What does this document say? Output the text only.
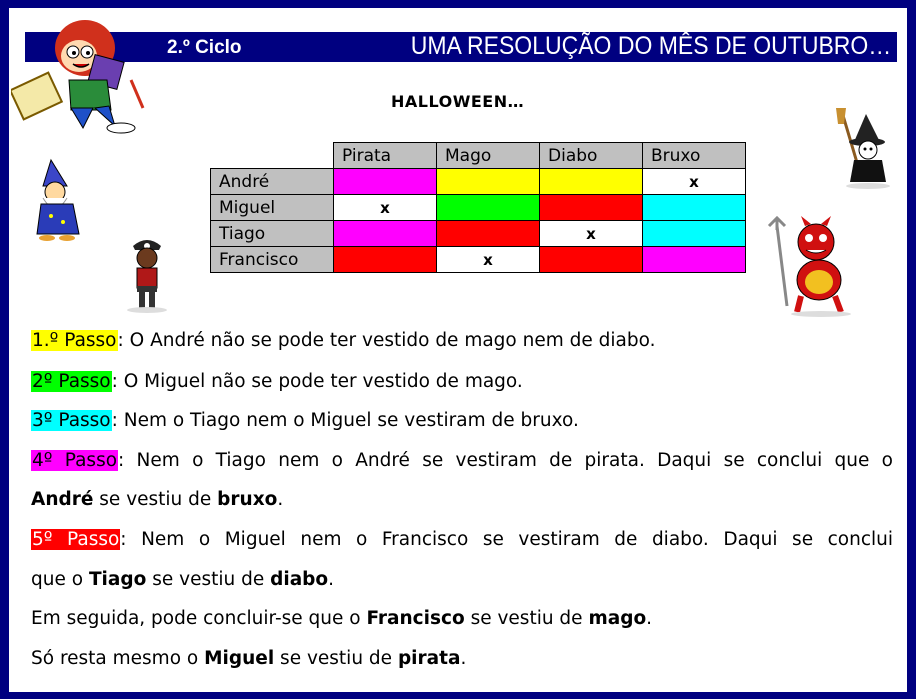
2.º Ciclo	UMA RESOLUÇÃO DO MÊS DE OUTUBRO…
HALLOWEEN…
	Pirata	Mago	Diabo	Bruxo
André				x
Miguel	x			
Tiago			x	
Francisco		x		
1.º Passo: O André não se pode ter vestido de mago nem de diabo.
2º Passo: O Miguel não se pode ter vestido de mago.
3º Passo: Nem o Tiago nem o Miguel se vestiram de bruxo.
4º Passo: Nem o Tiago nem o André se vestiram de pirata. Daqui se conclui que o
André se vestiu de bruxo.
5º Passo: Nem o Miguel nem o Francisco se vestiram de diabo. Daqui se conclui
que o Tiago se vestiu de diabo.
Em seguida, pode concluir-se que o Francisco se vestiu de mago.
Só resta mesmo o Miguel se vestiu de pirata.
